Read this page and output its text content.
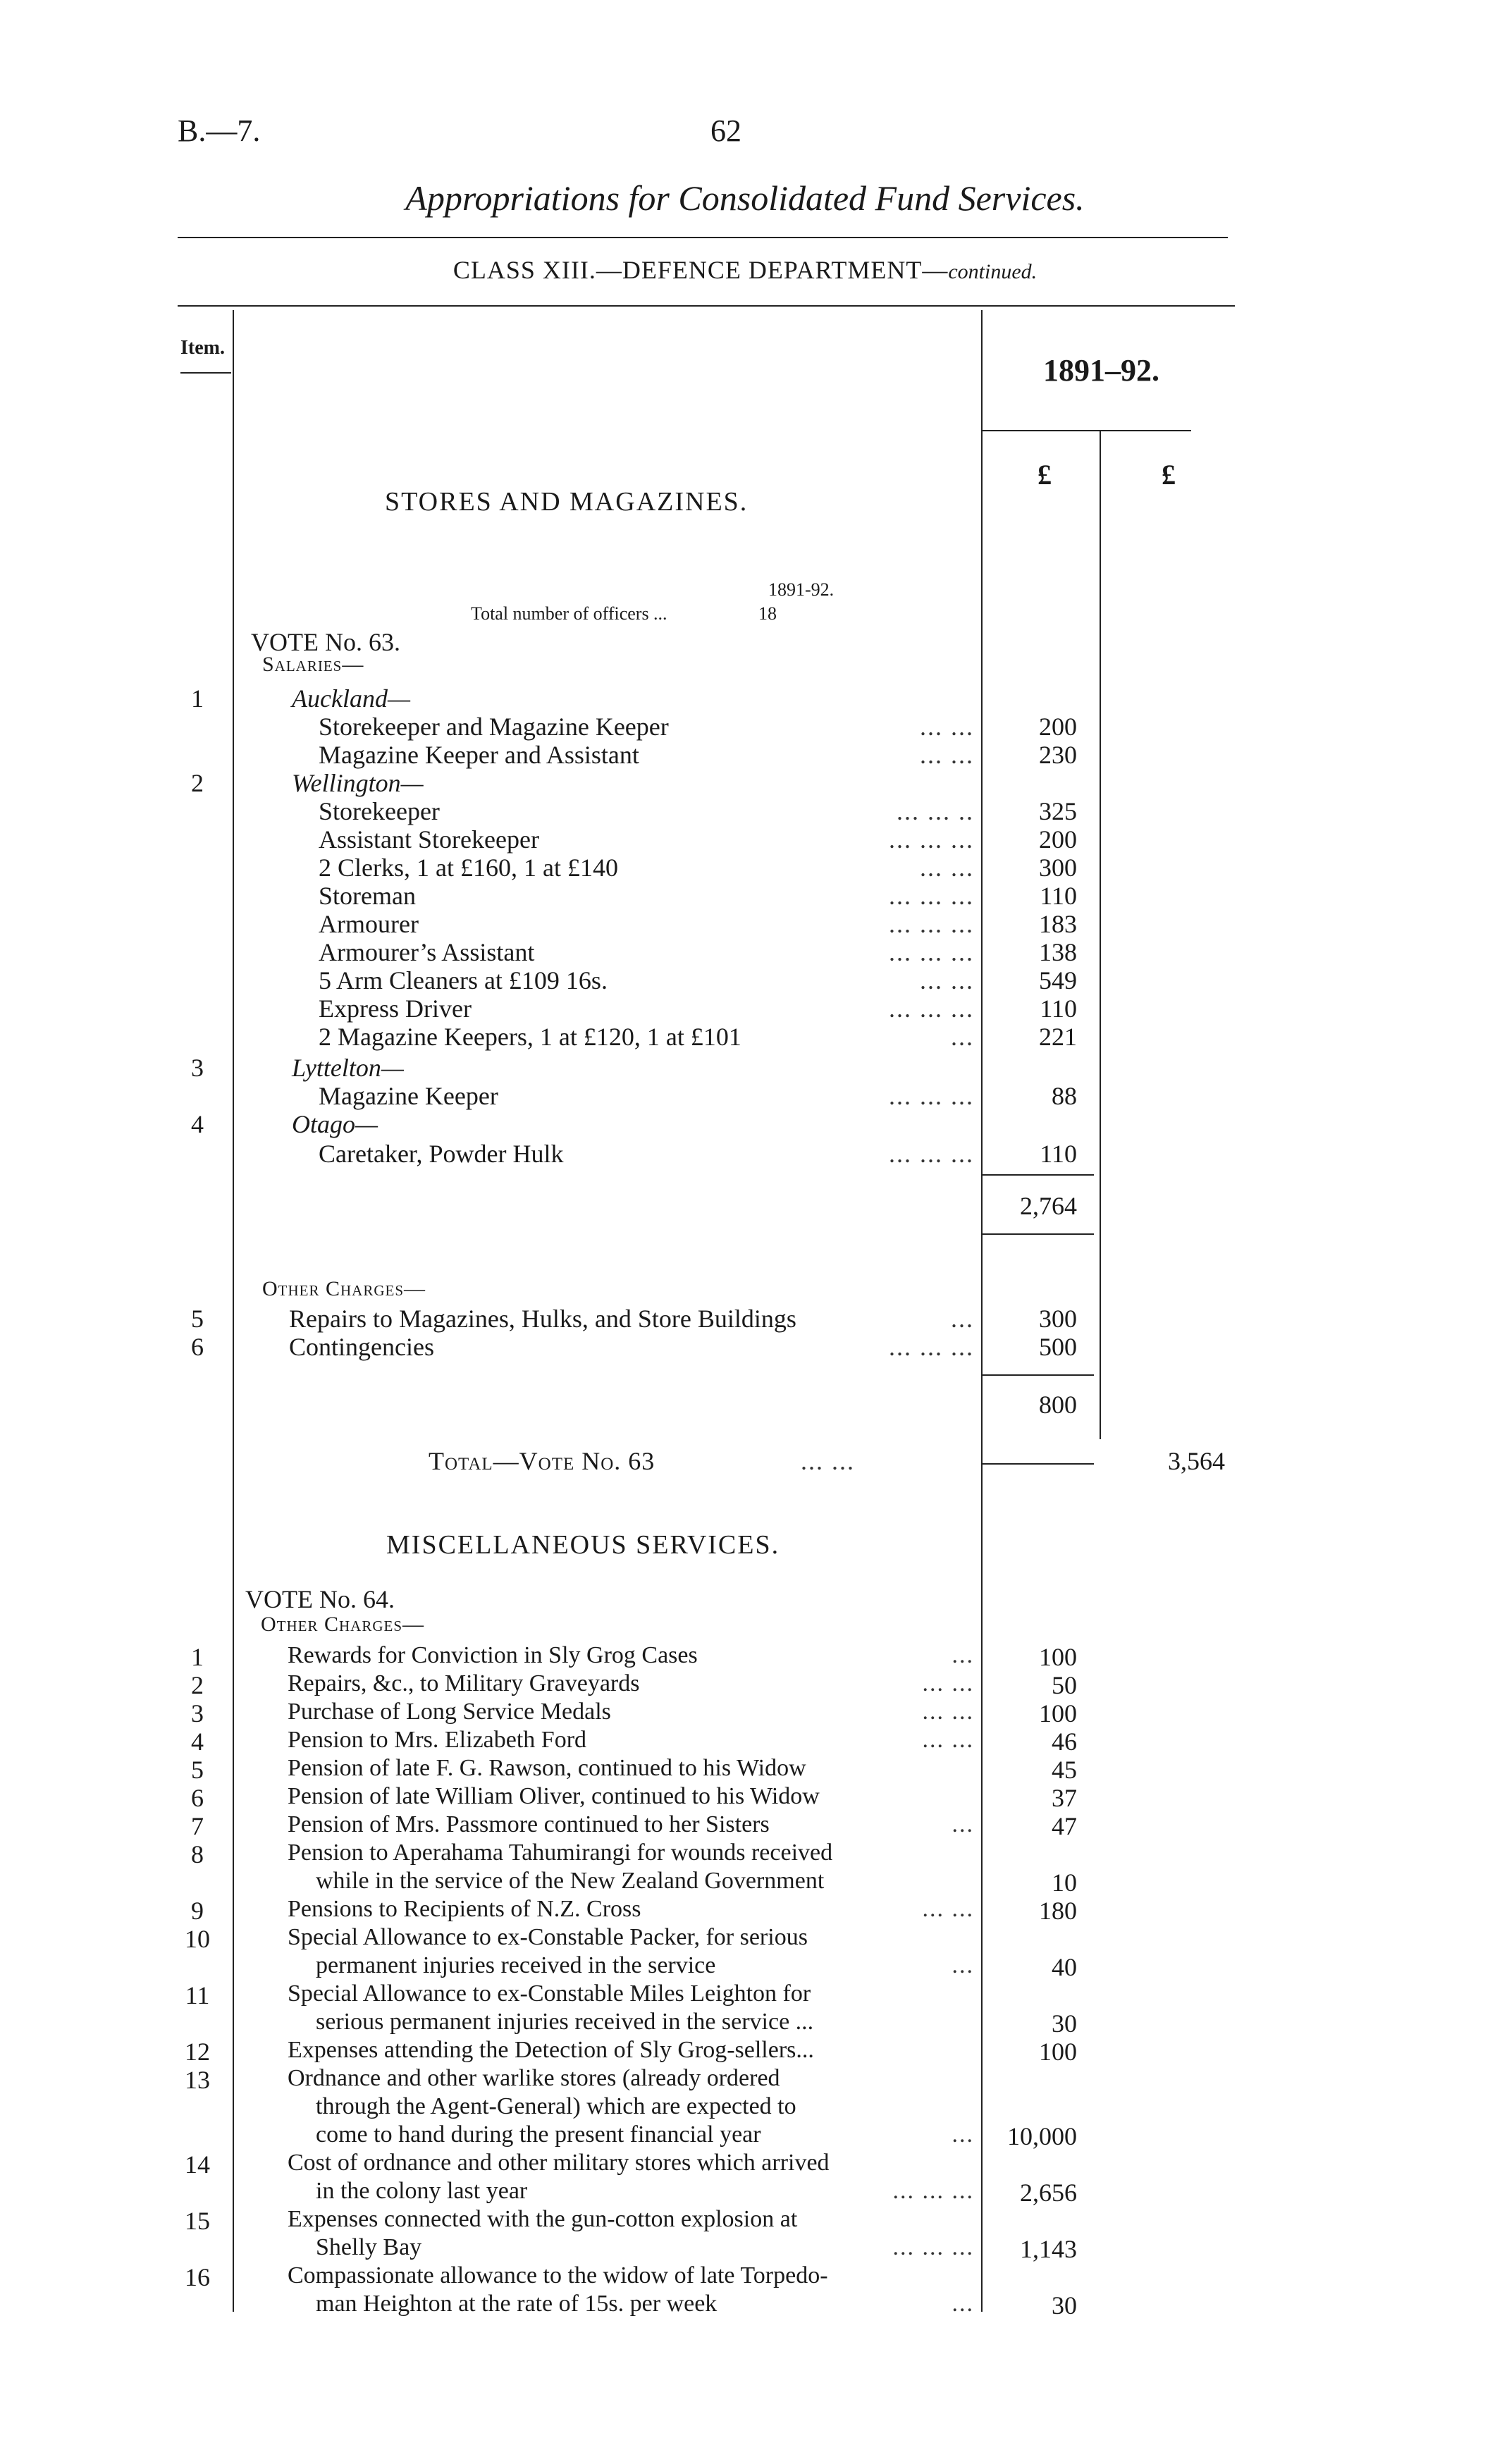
B.—7.	62
Appropriations for Consolidated Fund Services.
CLASS XIII.—DEFENCE DEPARTMENT—continued.
Item.
1891–92.
£	£
STORES AND MAGAZINES.
1891-92.
Total number of officers ...	18
VOTE No. 63.
Salaries—
1	Auckland—
Storekeeper and Magazine Keeper	... ...	200
Magazine Keeper and Assistant	... ...	230
2	Wellington—
Storekeeper	... ... ..	325
Assistant Storekeeper	... ... ...	200
2 Clerks, 1 at £160, 1 at £140	... ...	300
Storeman	... ... ...	110
Armourer	... ... ...	183
Armourer’s Assistant	... ... ...	138
5 Arm Cleaners at £109 16s.	... ...	549
Express Driver	... ... ...	110
2 Magazine Keepers, 1 at £120, 1 at £101	...	221
3	Lyttelton—
Magazine Keeper	... ... ...	88
4	Otago—
Caretaker, Powder Hulk	... ... ...	110
2,764
Other Charges—
5	Repairs to Magazines, Hulks, and Store Buildings	...	300
6	Contingencies	... ... ...	500
800
Total—Vote No. 63	... ...	3,564
MISCELLANEOUS SERVICES.
VOTE No. 64.
Other Charges—
1	Rewards for Conviction in Sly Grog Cases	...	100
2	Repairs, &c., to Military Graveyards	... ...	50
3	Purchase of Long Service Medals	... ...	100
4	Pension to Mrs. Elizabeth Ford	... ...	46
5	Pension of late F. G. Rawson, continued to his Widow	45
6	Pension of late William Oliver, continued to his Widow	37
7	Pension of Mrs. Passmore continued to her Sisters	...	47
8	Pension to Aperahama Tahumirangi for wounds received
while in the service of the New Zealand Government	10
9	Pensions to Recipients of N.Z. Cross	... ...	180
10	Special Allowance to ex-Constable Packer, for serious
permanent injuries received in the service	...	40
11	Special Allowance to ex-Constable Miles Leighton for
serious permanent injuries received in the service ...	30
12	Expenses attending the Detection of Sly Grog-sellers...	100
13	Ordnance and other warlike stores (already ordered
through the Agent-General) which are expected to
come to hand during the present financial year	... 10,000
14	Cost of ordnance and other military stores which arrived
in the colony last year	... ... ...	2,656
15	Expenses connected with the gun-cotton explosion at
Shelly Bay	... ... ...	1,143
16	Compassionate allowance to the widow of late Torpedo-
man Heighton at the rate of 15s. per week	...	30
